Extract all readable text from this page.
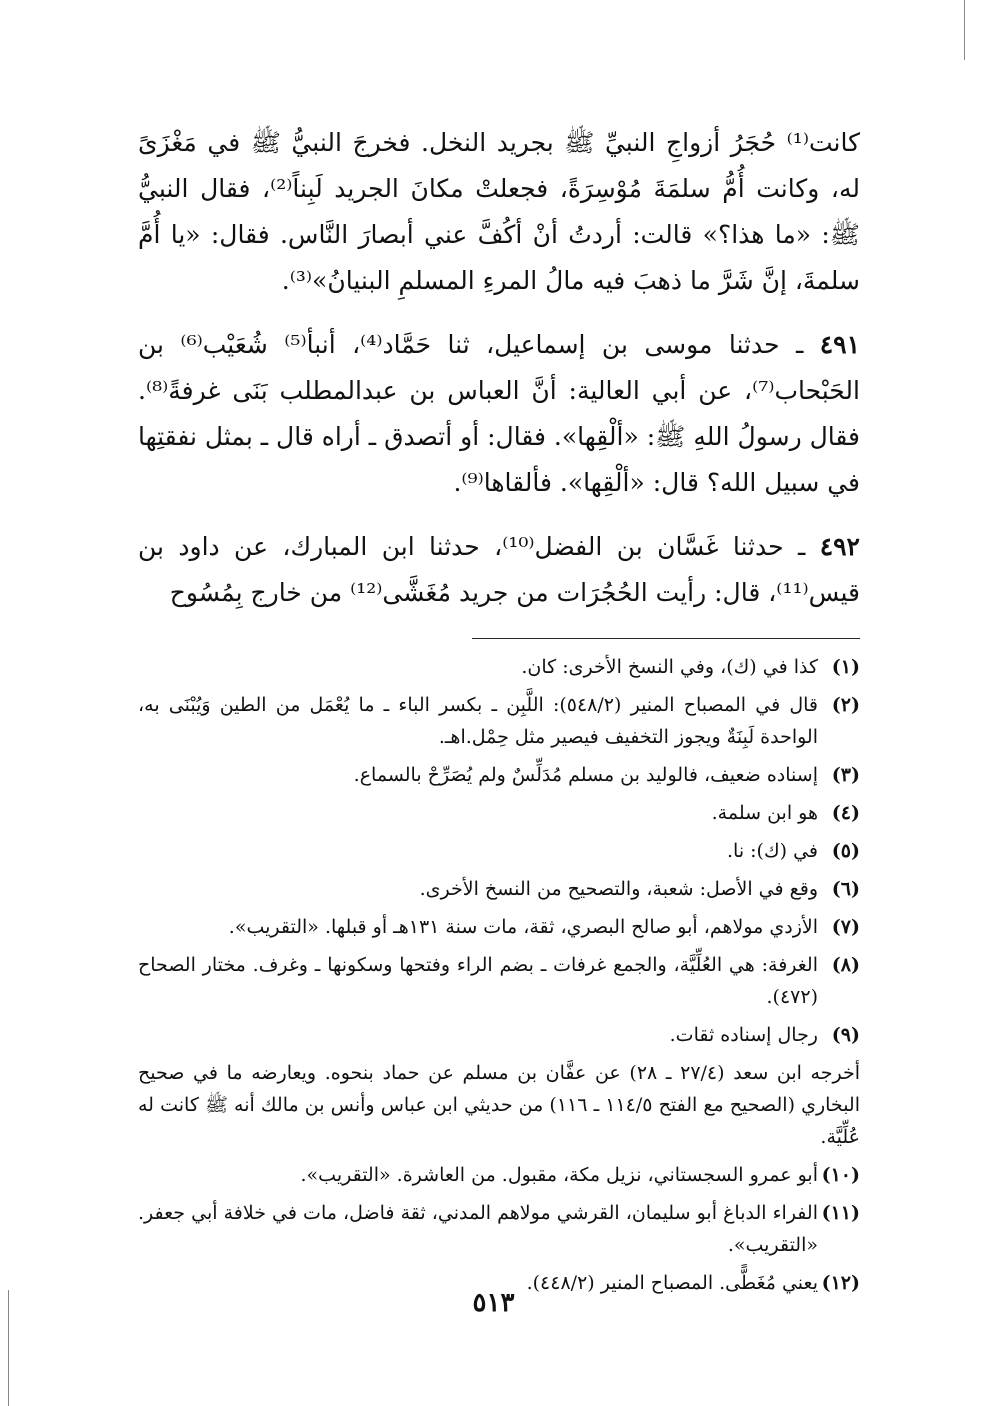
كانت⁽¹⁾ حُجَرُ أزواجِ النبيِّ ﷺ بجريد النخل. فخرجَ النبيُّ ﷺ في مَغْزَىً له، وكانت أُمُّ سلمَةَ مُوْسِرَةً، فجعلتْ مكانَ الجريد لَبِناً⁽²⁾، فقال النبيُّ ﷺ: «ما هذا؟» قالت: أردتُ أنْ أكُفَّ عني أبصارَ النَّاس. فقال: «يا أُمَّ سلمةَ، إنَّ شَرَّ ما ذهبَ فيه مالُ المرءِ المسلمِ البنيانُ»⁽³⁾.

٤٩١ ـ حدثنا موسى بن إسماعيل، ثنا حَمَّاد⁽⁴⁾، أنبأ⁽⁵⁾ شُعَيْب⁽⁶⁾ بن الحَبْحاب⁽⁷⁾، عن أبي العالية: أنَّ العباس بن عبدالمطلب بَنَى غرفةً⁽⁸⁾. فقال رسولُ اللهِ ﷺ: «ألْقِها». فقال: أو أتصدق ـ أراه قال ـ بمثل نفقتِها في سبيل الله؟ قال: «ألْقِها». فألقاها⁽⁹⁾.

٤٩٢ ـ حدثنا غَسَّان بن الفضل⁽¹⁰⁾، حدثنا ابن المبارك، عن داود بن قيس⁽¹¹⁾، قال: رأيت الحُجُرَات من جريد مُغَشَّى⁽¹²⁾ من خارج بِمُسُوح

(١)
كذا في (ك)، وفي النسخ الأخرى: كان.
(٢)
قال في المصباح المنير (٥٤٨/٢): اللَّبِن ـ بكسر الباء ـ ما يُعْمَل من الطين وَيُبْنَى به، الواحدة لَبِنَةٌ ويجوز التخفيف فيصير مثل حِمْل.اهـ.
(٣)
إسناده ضعيف، فالوليد بن مسلم مُدَلِّسٌ ولم يُصَرِّحْ بالسماع.
(٤)
هو ابن سلمة.
(٥)
في (ك): نا.
(٦)
وقع في الأصل: شعبة، والتصحيح من النسخ الأخرى.
(٧)
الأزدي مولاهم، أبو صالح البصري، ثقة، مات سنة ١٣١هـ أو قبلها. «التقريب».
(٨)
الغرفة: هي العُلِّيَّة، والجمع غرفات ـ بضم الراء وفتحها وسكونها ـ وغرف. مختار الصحاح (٤٧٢).
(٩)
رجال إسناده ثقات.
أخرجه ابن سعد (٢٧/٤ ـ ٢٨) عن عفَّان بن مسلم عن حماد بنحوه. ويعارضه ما في صحيح البخاري (الصحيح مع الفتح ١١٤/٥ ـ ١١٦) من حديثي ابن عباس وأنس بن مالك أنه ﷺ كانت له عُلِّيَّة.
(١٠)
أبو عمرو السجستاني، نزيل مكة، مقبول. من العاشرة. «التقريب».
(١١)
الفراء الدباغ أبو سليمان، القرشي مولاهم المدني، ثقة فاضل، مات في خلافة أبي جعفر. «التقريب».
(١٢)
يعني مُغَطًّى. المصباح المنير (٤٤٨/٢).
٥١٣
